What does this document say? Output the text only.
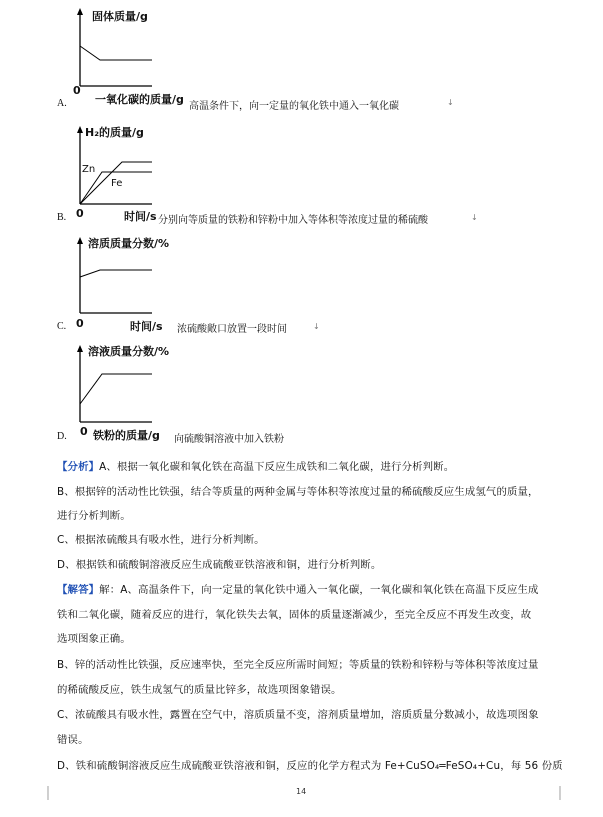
固体质量/g
0
A.	一氧化碳的质量/g
高温条件下，向一定量的氧化铁中通入一氧化碳	↓
H₂的质量/g
Zn
Fe
0
B.	时间/s 分别向等质量的铁粉和锌粉中加入等体积等浓度过量的稀硫酸	↓
溶质质量分数/%
0
C.	时间/s 浓硫酸敞口放置一段时间	↓
溶液质量分数/%
0
D. 铁粉的质量/g 向硫酸铜溶液中加入铁粉
【分析】A、根据一氧化碳和氧化铁在高温下反应生成铁和二氧化碳，进行分析判断。
B、根据锌的活动性比铁强，结合等质量的两种金属与等体积等浓度过量的稀硫酸反应生成氢气的质量，
进行分析判断。
C、根据浓硫酸具有吸水性，进行分析判断。
D、根据铁和硫酸铜溶液反应生成硫酸亚铁溶液和铜，进行分析判断。
【解答】解：A、高温条件下，向一定量的氧化铁中通入一氧化碳，一氧化碳和氧化铁在高温下反应生成
铁和二氧化碳，随着反应的进行，氧化铁失去氧，固体的质量逐渐减少，至完全反应不再发生改变，故
选项图象正确。
B、锌的活动性比铁强，反应速率快，至完全反应所需时间短；等质量的铁粉和锌粉与等体积等浓度过量
的稀硫酸反应，铁生成氢气的质量比锌多，故选项图象错误。
C、浓硫酸具有吸水性，露置在空气中，溶质质量不变，溶剂质量增加，溶质质量分数减小，故选项图象
错误。
D、铁和硫酸铜溶液反应生成硫酸亚铁溶液和铜，反应的化学方程式为 Fe+CuSO₄═FeSO₄+Cu，每 56 份质
14
